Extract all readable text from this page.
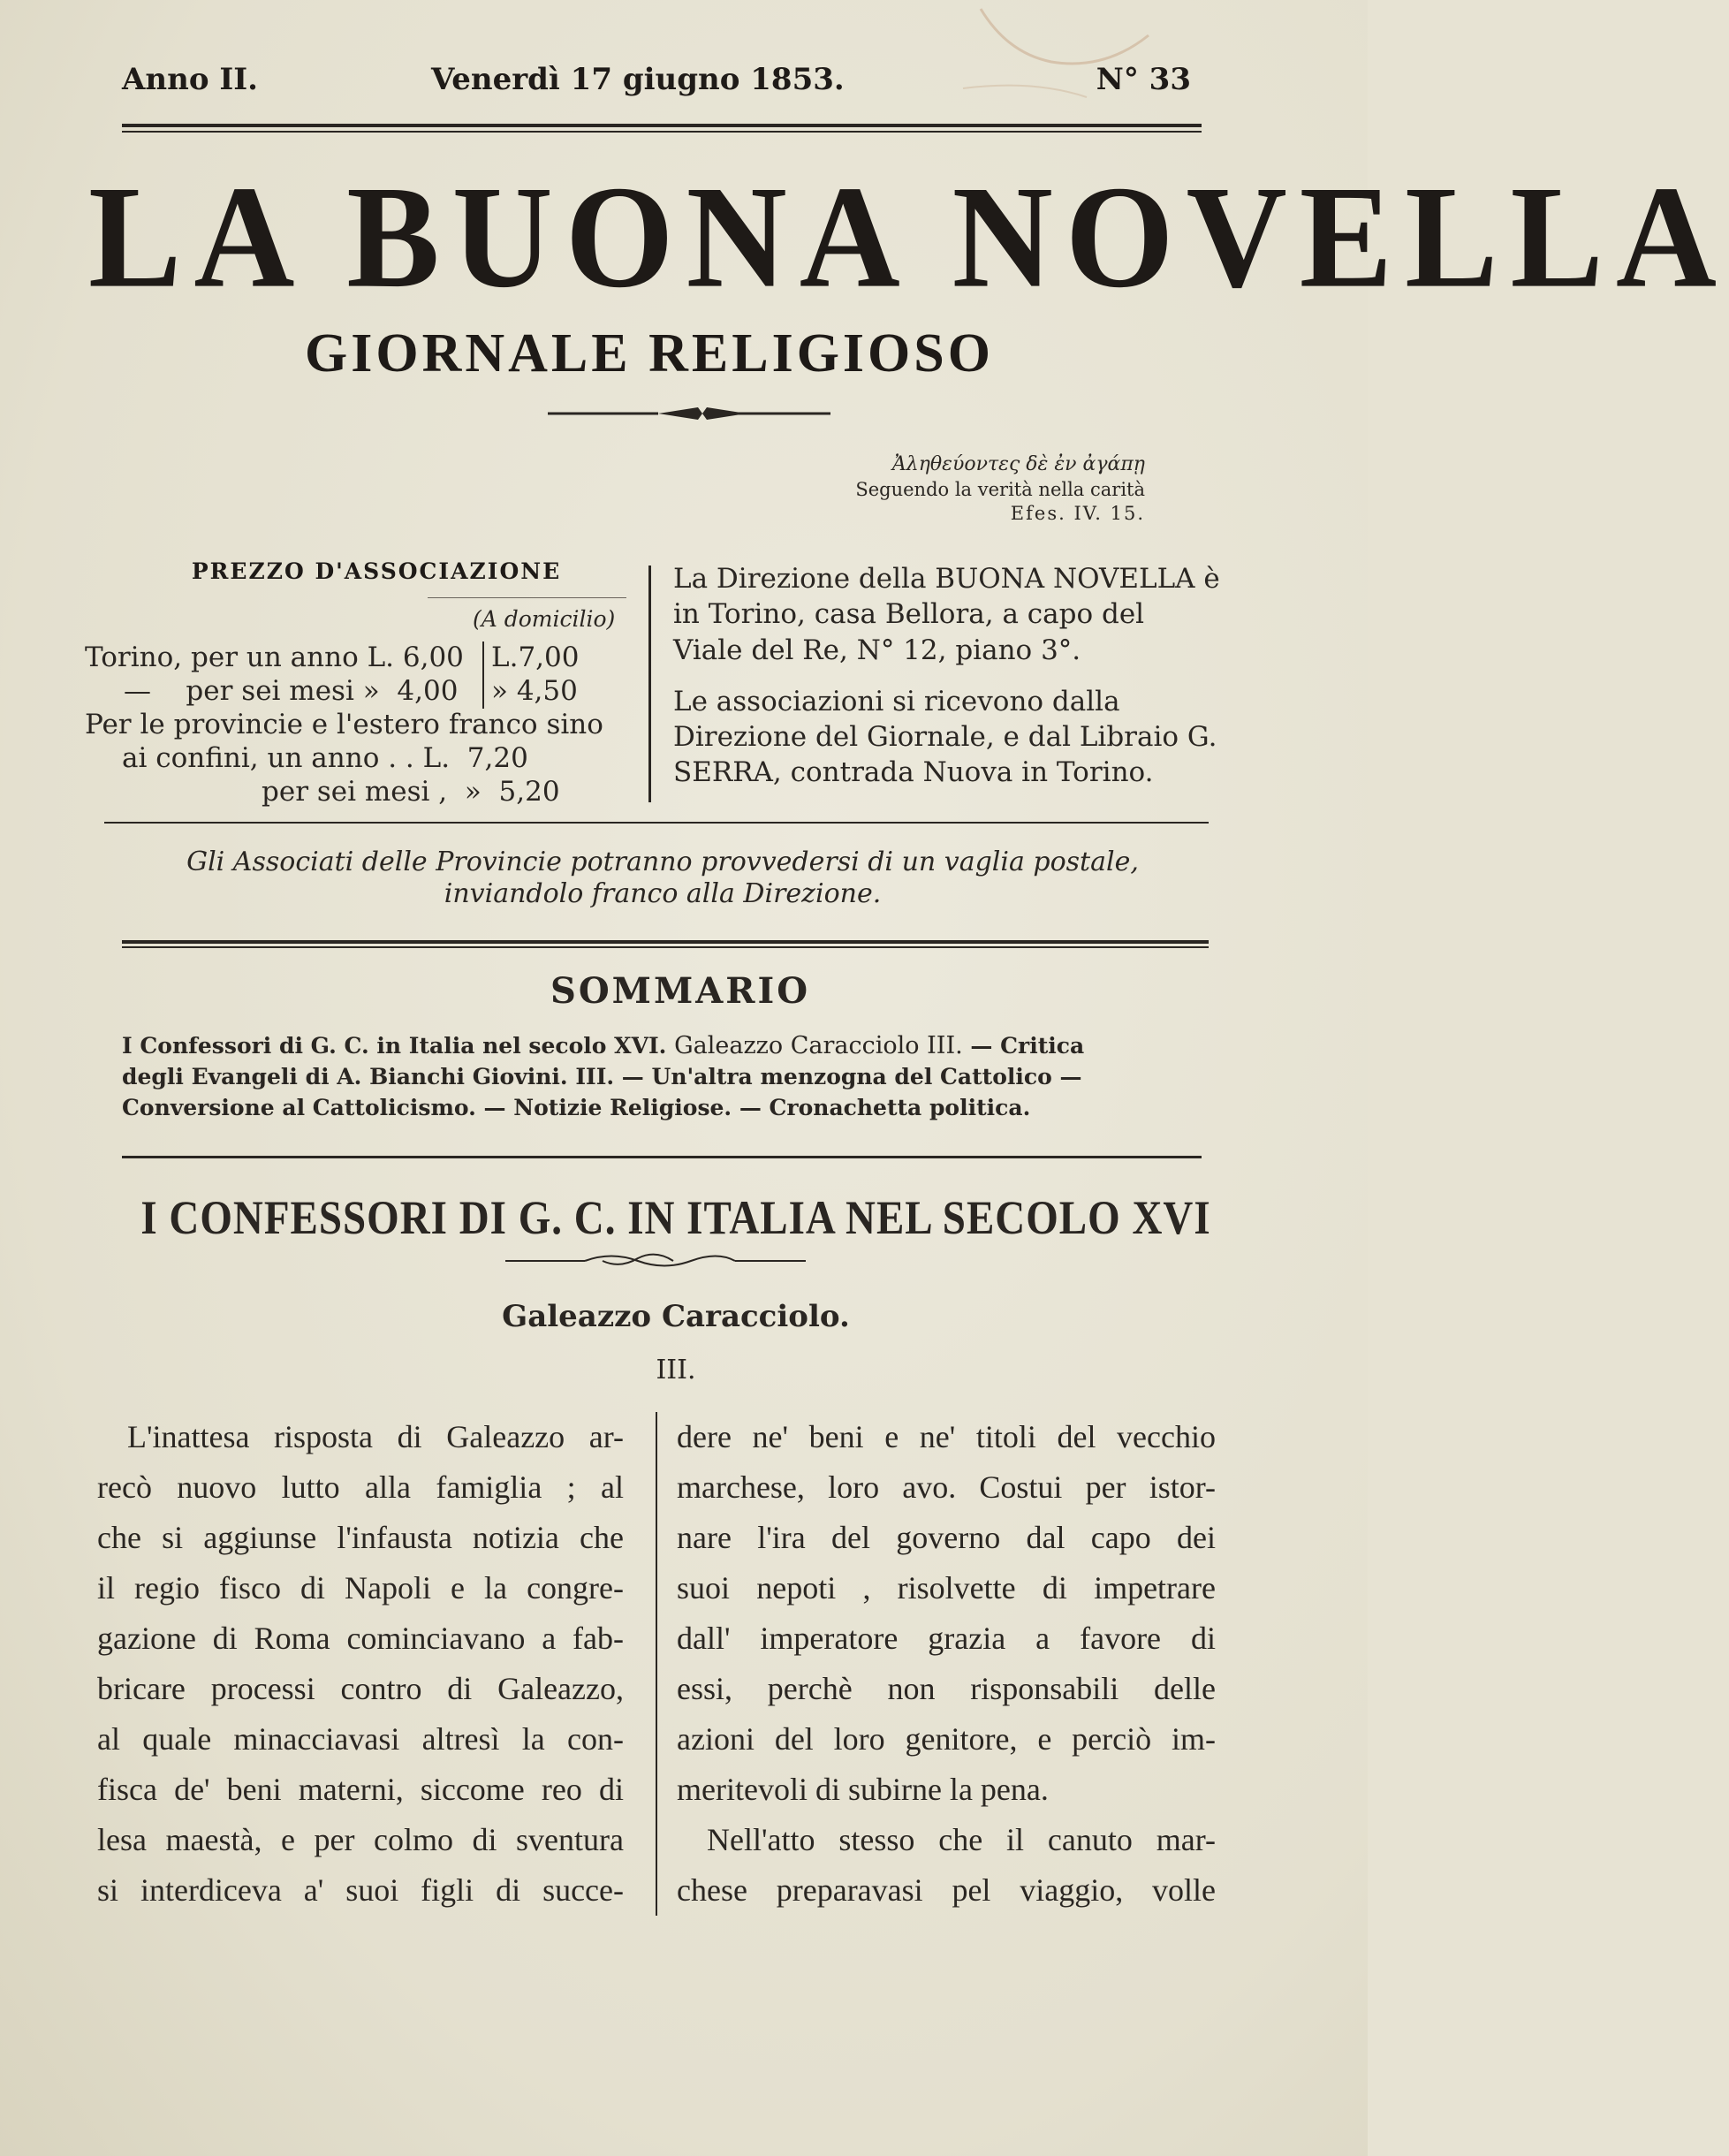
Anno II.	Venerdì 17 giugno 1853.	N° 33
LA BUONA NOVELLA
GIORNALE RELIGIOSO
Ἀληθεύοντες δὲ ἐν ἀγάπῃ
Seguendo la verità nella carità
Efes. IV. 15.
PREZZO D'ASSOCIAZIONE
(A domicilio)
Torino, per un anno L. 6,00	L.7,00
—    per sei mesi »  4,00	» 4,50
Per le provincie e l'estero franco sino
ai confini, un anno . . L.  7,20
per sei mesi ,  »  5,20

La Direzione della BUONA NOVELLA è in Torino, casa Bellora, a capo del Viale del Re, N° 12, piano 3°.

Le associazioni si ricevono dalla Direzione del Giornale, e dal Libraio G. SERRA, contrada Nuova in Torino.

Gli Associati delle Provincie potranno provvedersi di un vaglia postale,
inviandolo franco alla Direzione.
SOMMARIO
I Confessori di G. C. in Italia nel secolo XVI. Galeazzo Caracciolo III. — Critica
degli Evangeli di A. Bianchi Giovini. III. — Un'altra menzogna del Cattolico —
Conversione al Cattolicismo. — Notizie Religiose. — Cronachetta politica.
I CONFESSORI DI G. C. IN ITALIA NEL SECOLO XVI
Galeazzo Caracciolo.
III.
L'inattesa risposta di Galeazzo ar-
recò nuovo lutto alla famiglia ; al
che si aggiunse l'infausta notizia che
il regio fisco di Napoli e la congre-
gazione di Roma cominciavano a fab-
bricare processi contro di Galeazzo,
al quale minacciavasi altresì la con-
fisca de' beni materni, siccome reo di
lesa maestà, e per colmo di sventura
si interdiceva a' suoi figli di succe-
dere ne' beni e ne' titoli del vecchio
marchese, loro avo. Costui per istor-
nare l'ira del governo dal capo dei
suoi nepoti , risolvette di impetrare
dall' imperatore grazia a favore di
essi, perchè non risponsabili delle
azioni del loro genitore, e perciò im-
meritevoli di subirne la pena.
Nell'atto stesso che il canuto mar-
chese preparavasi pel viaggio, volle
